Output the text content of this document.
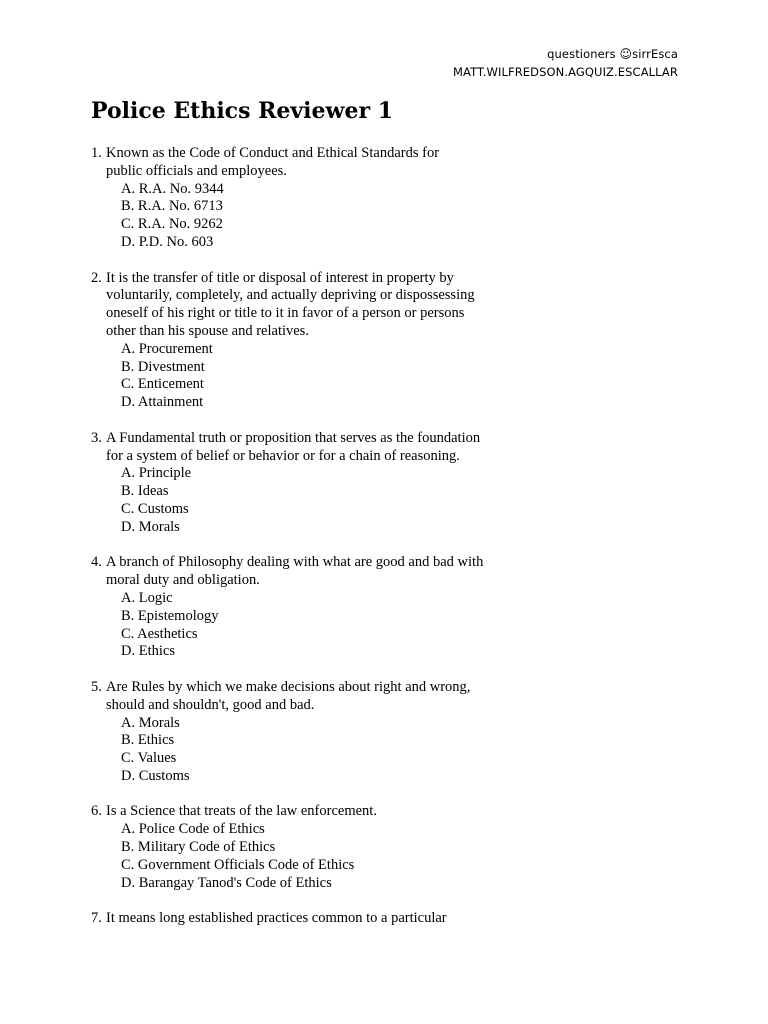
questioners ☺sirrEsca
MATT.WILFREDSON.AGQUIZ.ESCALLAR
Police Ethics Reviewer 1
1. Known as the Code of Conduct and Ethical Standards for
public officials and employees.
A. R.A. No. 9344
B. R.A. No. 6713
C. R.A. No. 9262
D. P.D. No. 603
2. It is the transfer of title or disposal of interest in property by
voluntarily, completely, and actually depriving or dispossessing
oneself of his right or title to it in favor of a person or persons
other than his spouse and relatives.
A. Procurement
B. Divestment
C. Enticement
D. Attainment
3. A Fundamental truth or proposition that serves as the foundation
for a system of belief or behavior or for a chain of reasoning.
A. Principle
B. Ideas
C. Customs
D. Morals
4. A branch of Philosophy dealing with what are good and bad with
moral duty and obligation.
A. Logic
B. Epistemology
C. Aesthetics
D. Ethics
5. Are Rules by which we make decisions about right and wrong,
should and shouldn't, good and bad.
A. Morals
B. Ethics
C. Values
D. Customs
6. Is a Science that treats of the law enforcement.
A. Police Code of Ethics
B. Military Code of Ethics
C. Government Officials Code of Ethics
D. Barangay Tanod's Code of Ethics
7. It means long established practices common to a particular
